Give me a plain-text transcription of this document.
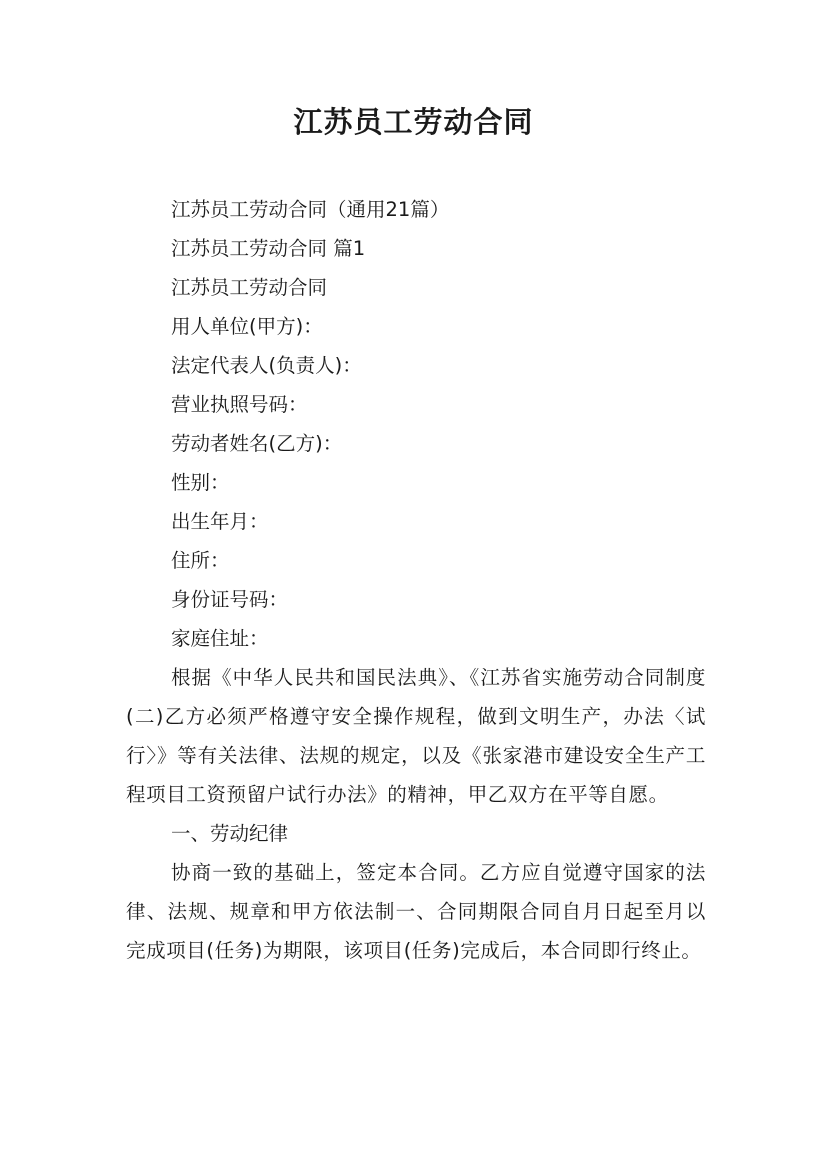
江苏员工劳动合同

江苏员工劳动合同（通用21篇）

江苏员工劳动合同 篇1

江苏员工劳动合同

用人单位(甲方)：

法定代表人(负责人)：

营业执照号码：

劳动者姓名(乙方)：

性别：

出生年月：

住所：

身份证号码：

家庭住址：

根据《中华人民共和国民法典》、《江苏省实施劳动合同制度(二)乙方必须严格遵守安全操作规程，做到文明生产，办法〈试行〉》等有关法律、法规的规定，以及《张家港市建设安全生产工程项目工资预留户试行办法》的精神，甲乙双方在平等自愿。

一、劳动纪律

协商一致的基础上，签定本合同。乙方应自觉遵守国家的法律、法规、规章和甲方依法制一、合同期限合同自月日起至月以完成项目(任务)为期限，该项目(任务)完成后，本合同即行终止。
